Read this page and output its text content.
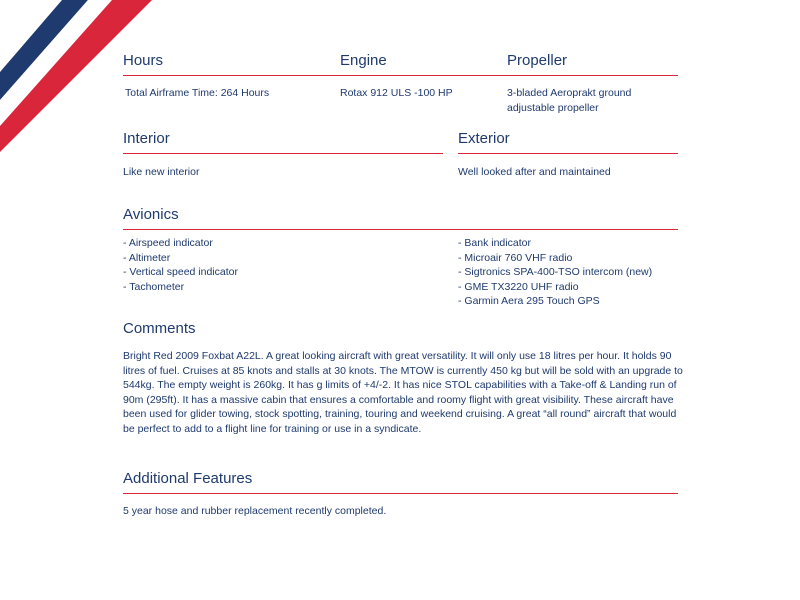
Hours
Total Airframe Time: 264 Hours
Engine
Rotax 912 ULS -100 HP
Propeller
3-bladed Aeroprakt ground adjustable propeller
Interior
Like new interior
Exterior
Well looked after and maintained
Avionics
- Airspeed indicator
- Altimeter
- Vertical speed indicator
- Tachometer
- Bank indicator
- Microair 760 VHF radio
- Sigtronics SPA-400-TSO intercom (new)
- GME TX3220 UHF radio
- Garmin Aera 295 Touch GPS
Comments
Bright Red 2009 Foxbat A22L. A great looking aircraft with great versatility. It will only use 18 litres per hour. It holds 90 litres of fuel. Cruises at 85 knots and stalls at 30 knots. The MTOW is currently 450 kg but will be sold with an upgrade to 544kg. The empty weight is 260kg. It has g limits of +4/-2. It has nice STOL capabilities with a Take-off & Landing run of 90m (295ft). It has a massive cabin that ensures a comfortable and roomy flight with great visibility. These aircraft have been used for glider towing, stock spotting, training, touring and weekend cruising. A great “all round” aircraft that would be perfect to add to a flight line for training or use in a syndicate.
Additional Features
5 year hose and rubber replacement recently completed.
